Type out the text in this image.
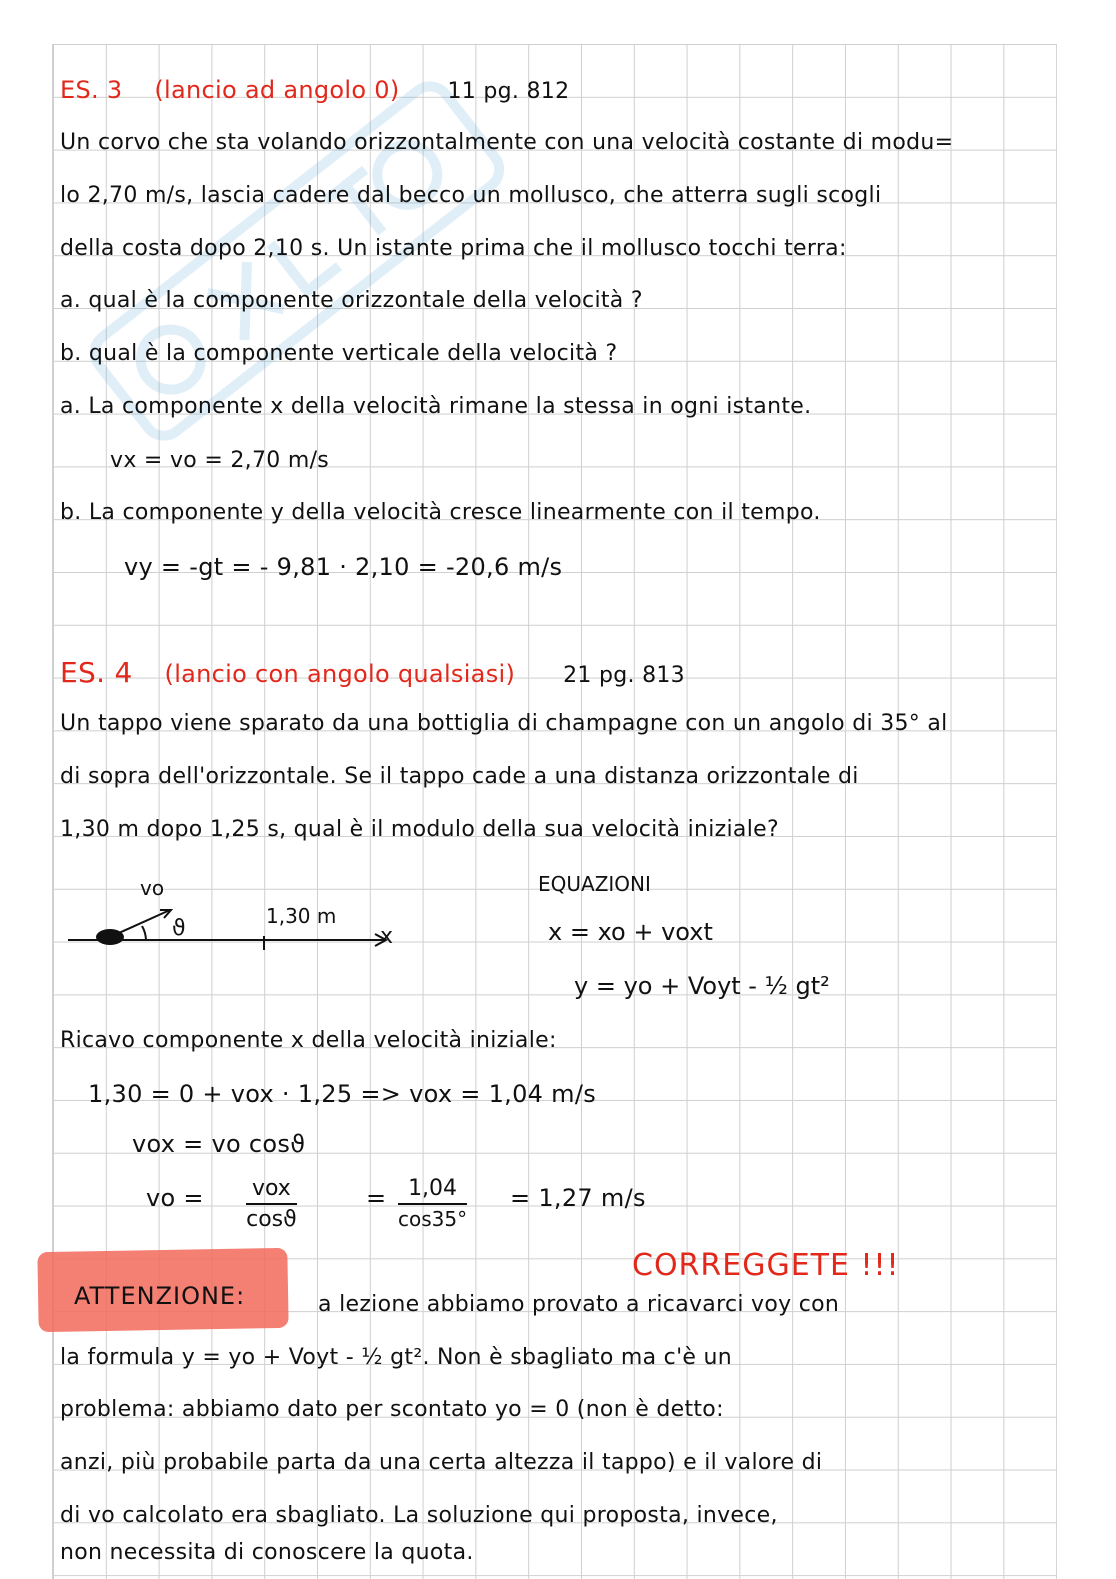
ES. 3 (lancio ad angolo 0) 11 pg. 812
Un corvo che sta volando orizzontalmente con una velocità costante di modu=
lo 2,70 m/s, lascia cadere dal becco un mollusco, che atterra sugli scogli
della costa dopo 2,10 s. Un istante prima che il mollusco tocchi terra:
a. qual è la componente orizzontale della velocità ?
b. qual è la componente verticale della velocità ?
a. La componente x della velocità rimane la stessa in ogni istante.
vx = vo = 2,70 m/s
b. La componente y della velocità cresce linearmente con il tempo.
vy = -gt = - 9,81 · 2,10 = -20,6 m/s
ES. 4 (lancio con angolo qualsiasi) 21 pg. 813
Un tappo viene sparato da una bottiglia di champagne con un angolo di 35° al
di sopra dell'orizzontale. Se il tappo cade a una distanza orizzontale di
1,30 m dopo 1,25 s, qual è il modulo della sua velocità iniziale?
vo
ϑ	1,30 m
x
EQUAZIONI
x = xo + voxt
y = yo + Voyt - ½ gt²
Ricavo componente x della velocità iniziale:
1,30 = 0 + vox · 1,25 => vox = 1,04 m/s
vox = vo cosϑ
vo = vox
cosϑ
= $\frac{1,04}{\cos 35^\circ} = 1,27$ m/s
ATTENZIONE:
CORREGGETE !!!
a lezione abbiamo provato a ricavarci voy con
la formula y = yo + Voyt - ½ gt². Non è sbagliato ma c'è un
problema: abbiamo dato per scontato yo = 0 (non è detto:
anzi, più probabile parta da una certa altezza il tappo) e il valore di
di vo calcolato era sbagliato. La soluzione qui proposta, invece,
non necessita di conoscere la quota.
